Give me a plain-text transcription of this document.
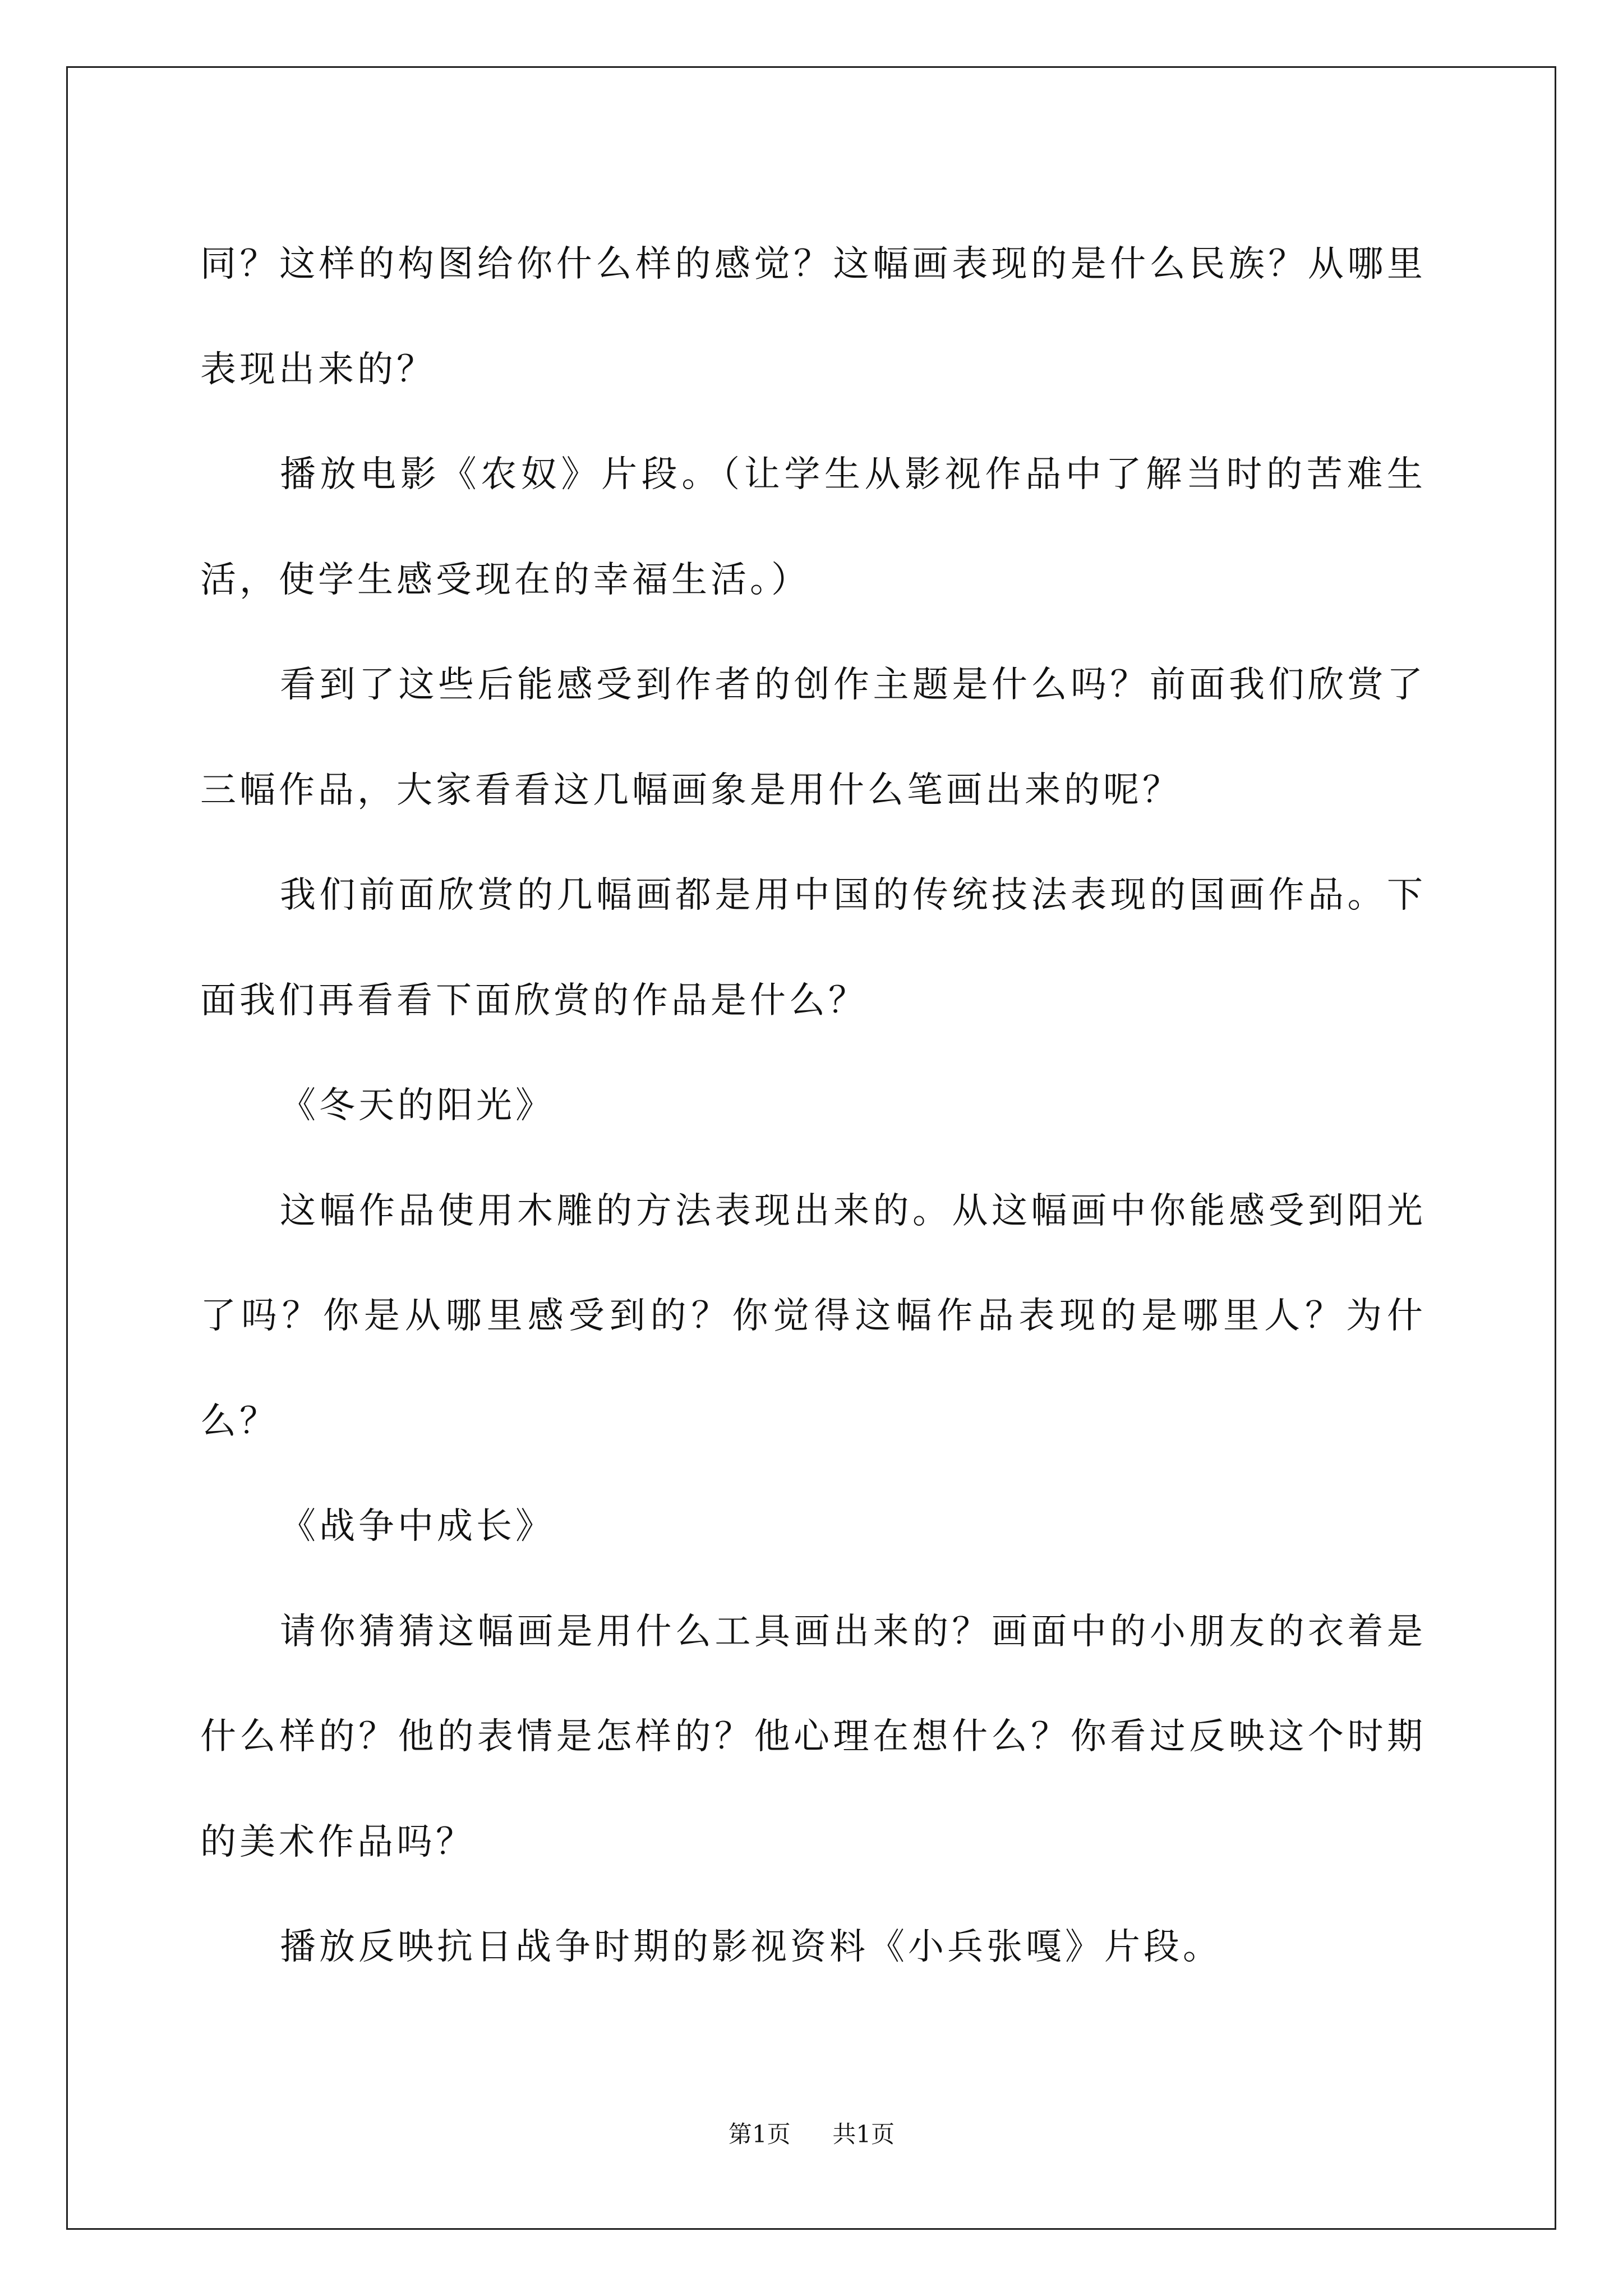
同？这样的构图给你什么样的感觉？这幅画表现的是什么民族？从哪里表现出来的？

播放电影《农奴》片段。（让学生从影视作品中了解当时的苦难生活，使学生感受现在的幸福生活。）

看到了这些后能感受到作者的创作主题是什么吗？前面我们欣赏了三幅作品，大家看看这几幅画象是用什么笔画出来的呢？

我们前面欣赏的几幅画都是用中国的传统技法表现的国画作品。下面我们再看看下面欣赏的作品是什么？

《冬天的阳光》

这幅作品使用木雕的方法表现出来的。从这幅画中你能感受到阳光了吗？你是从哪里感受到的？你觉得这幅作品表现的是哪里人？为什么？

《战争中成长》

请你猜猜这幅画是用什么工具画出来的？画面中的小朋友的衣着是什么样的？他的表情是怎样的？他心理在想什么？你看过反映这个时期的美术作品吗？

播放反映抗日战争时期的影视资料《小兵张嘎》片段。

第1页 共1页
